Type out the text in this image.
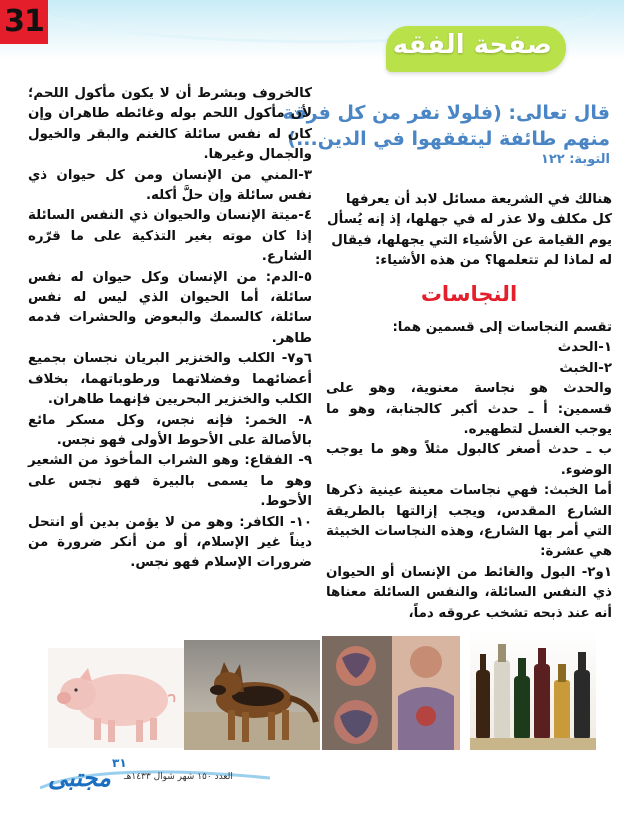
31
صفحة الفقه
قال تعالى: (فلولا نفر من كل فرقة
منهم طائفة ليتفقهوا في الدين...)
التوبة: ١٢٢

هنالك في الشريعة مسائل لابد أن يعرفها

كل مكلف ولا عذر له في جهلها، إذ إنه يُسأل

يوم القيامة عن الأشياء التي يجهلها، فيقال

له لماذا لم تتعلمها؟ من هذه الأشياء:

النجاسات

تقسم النجاسات إلى قسمين هما:

١-الحدث

٢-الخبث

والحدث هو نجاسة معنوية، وهو على قسمين: أ ـ حدث أكبر كالجنابة، وهو ما يوجب الغسل لتطهيره.

ب ـ حدث أصغر كالبول مثلاً وهو ما يوجب الوضوء.

أما الخبث: فهي نجاسات معينة عينية ذكرها الشارع المقدس، ويجب إزالتها بالطريقة التي أمر بها الشارع، وهذه النجاسات الخبيثة هي عشرة:

١و٢- البول والغائط من الإنسان أو الحيوان ذي النفس السائلة، والنفس السائلة معناها أنه عند ذبحه تشخب عروقه دماً،

كالخروف وبشرط أن لا يكون مأكول اللحم؛ لأن مأكول اللحم بوله وغائطه طاهران وإن كان له نفس سائلة كالغنم والبقر والخيول والجمال وغيرها.

٣-المني من الإنسان ومن كل حيوان ذي نفس سائلة وإن حلَّ أكله.

٤-ميتة الإنسان والحيوان ذي النفس السائلة إذا كان موته بغير التذكية على ما قرّره الشارع.

٥-الدم: من الإنسان وكل حيوان له نفس سائلة، أما الحيوان الذي ليس له نفس سائلة، كالسمك والبعوض والحشرات فدمه طاهر.

٦و٧- الكلب والخنزير البريان نجسان بجميع أعضائهما وفضلاتهما ورطوباتهما، بخلاف الكلب والخنزير البحريين فإنهما طاهران.

٨- الخمر: فإنه نجس، وكل مسكر مائع بالأصالة على الأحوط الأولى فهو نجس.

٩- الفقاع: وهو الشراب المأخوذ من الشعير وهو ما يسمى بالبيرة فهو نجس على الأحوط.

١٠- الكافر: وهو من لا يؤمن بدين أو انتحل ديناً غير الإسلام، أو من أنكر ضرورة من ضرورات الإسلام فهو نجس.

مجتبى
٣١
العدد ١٥٠ شهر شوال ١٤٣٣هـ
